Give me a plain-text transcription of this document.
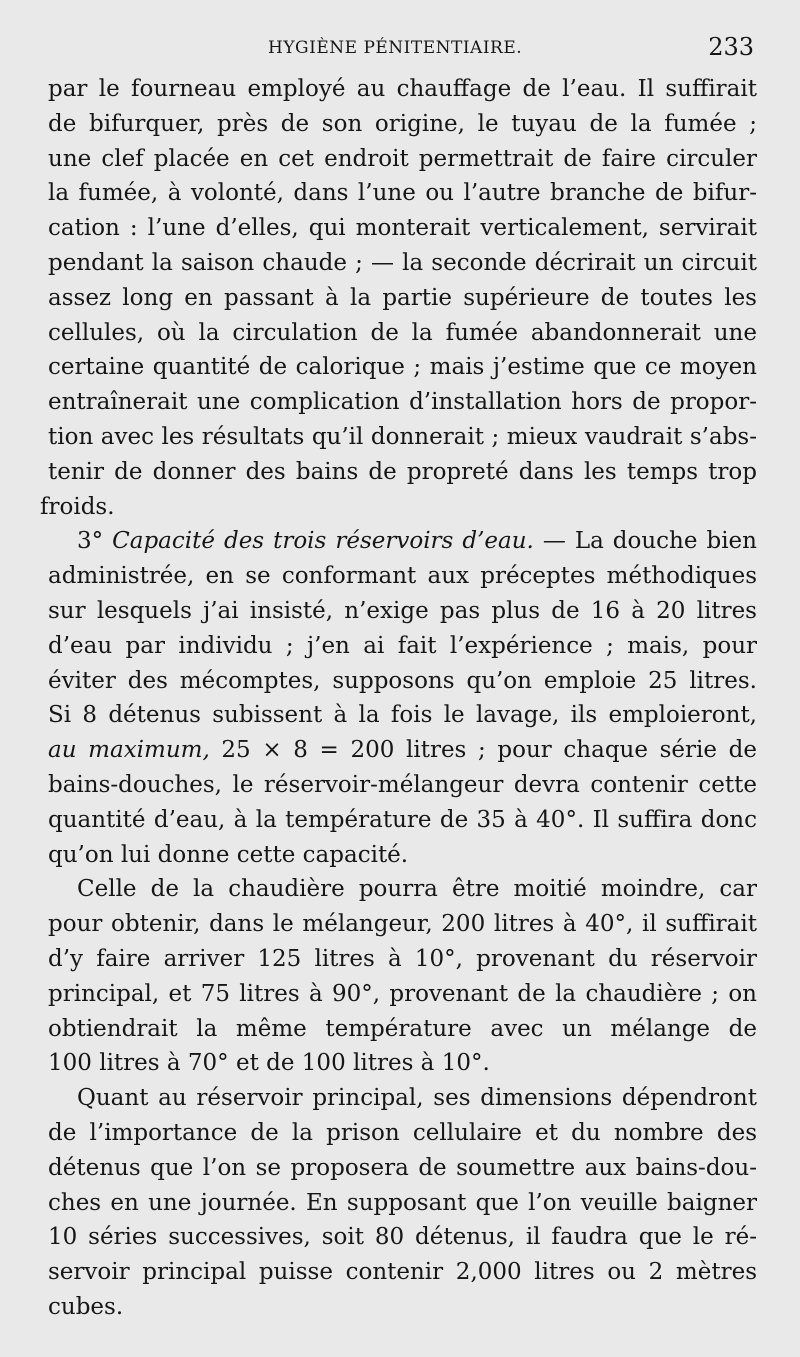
HYGIÈNE PÉNITENTIAIRE.	233
par le fourneau employé au chauffage de l’eau. Il suffirait
de bifurquer, près de son origine, le tuyau de la fumée ;
une clef placée en cet endroit permettrait de faire circuler
la fumée, à volonté, dans l’une ou l’autre branche de bifur-
cation : l’une d’elles, qui monterait verticalement, servirait
pendant la saison chaude ; — la seconde décrirait un circuit
assez long en passant à la partie supérieure de toutes les
cellules, où la circulation de la fumée abandonnerait une
certaine quantité de calorique ; mais j’estime que ce moyen
entraînerait une complication d’installation hors de propor-
tion avec les résultats qu’il donnerait ; mieux vaudrait s’abs-
tenir de donner des bains de propreté dans les temps trop
froids.
3° Capacité des trois réservoirs d’eau. — La douche bien
administrée, en se conformant aux préceptes méthodiques
sur lesquels j’ai insisté, n’exige pas plus de 16 à 20 litres
d’eau par individu ; j’en ai fait l’expérience ; mais, pour
éviter des mécomptes, supposons qu’on emploie 25 litres.
Si 8 détenus subissent à la fois le lavage, ils emploieront,
au maximum, 25 × 8 = 200 litres ; pour chaque série de
bains-douches, le réservoir-mélangeur devra contenir cette
quantité d’eau, à la température de 35 à 40°. Il suffira donc
qu’on lui donne cette capacité.
Celle de la chaudière pourra être moitié moindre, car
pour obtenir, dans le mélangeur, 200 litres à 40°, il suffirait
d’y faire arriver 125 litres à 10°, provenant du réservoir
principal, et 75 litres à 90°, provenant de la chaudière ; on
obtiendrait la même température avec un mélange de
100 litres à 70° et de 100 litres à 10°.
Quant au réservoir principal, ses dimensions dépendront
de l’importance de la prison cellulaire et du nombre des
détenus que l’on se proposera de soumettre aux bains-dou-
ches en une journée. En supposant que l’on veuille baigner
10 séries successives, soit 80 détenus, il faudra que le ré-
servoir principal puisse contenir 2,000 litres ou 2 mètres
cubes.
